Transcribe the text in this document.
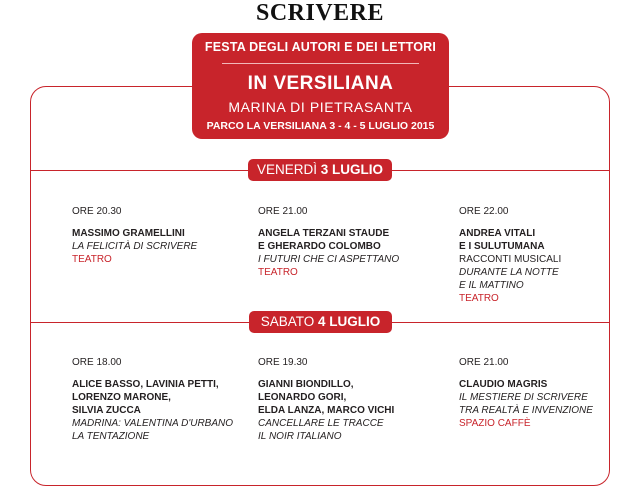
SCRIVERE
FESTA DEGLI AUTORI E DEI LETTORI
IN VERSILIANA
MARINA DI PIETRASANTA
PARCO LA VERSILIANA 3 - 4 - 5 LUGLIO 2015
VENERDÌ 3 LUGLIO
ORE 20.30
MASSIMO GRAMELLINI
LA FELICITÀ DI SCRIVERE
TEATRO
ORE 21.00
ANGELA TERZANI STAUDE
E GHERARDO COLOMBO
I FUTURI CHE CI ASPETTANO
TEATRO
ORE 22.00
ANDREA VITALI
E I SULUTUMANA
RACCONTI MUSICALI
DURANTE LA NOTTE
E IL MATTINO
TEATRO
SABATO 4 LUGLIO
ORE 18.00
ALICE BASSO, LAVINIA PETTI,
LORENZO MARONE,
SILVIA ZUCCA
MADRINA: VALENTINA D'URBANO
LA TENTAZIONE
ORE 19.30
GIANNI BIONDILLO,
LEONARDO GORI,
ELDA LANZA, MARCO VICHI
CANCELLARE LE TRACCE
IL NOIR ITALIANO
ORE 21.00
CLAUDIO MAGRIS
IL MESTIERE DI SCRIVERE
TRA REALTÀ E INVENZIONE
SPAZIO CAFFÈ
